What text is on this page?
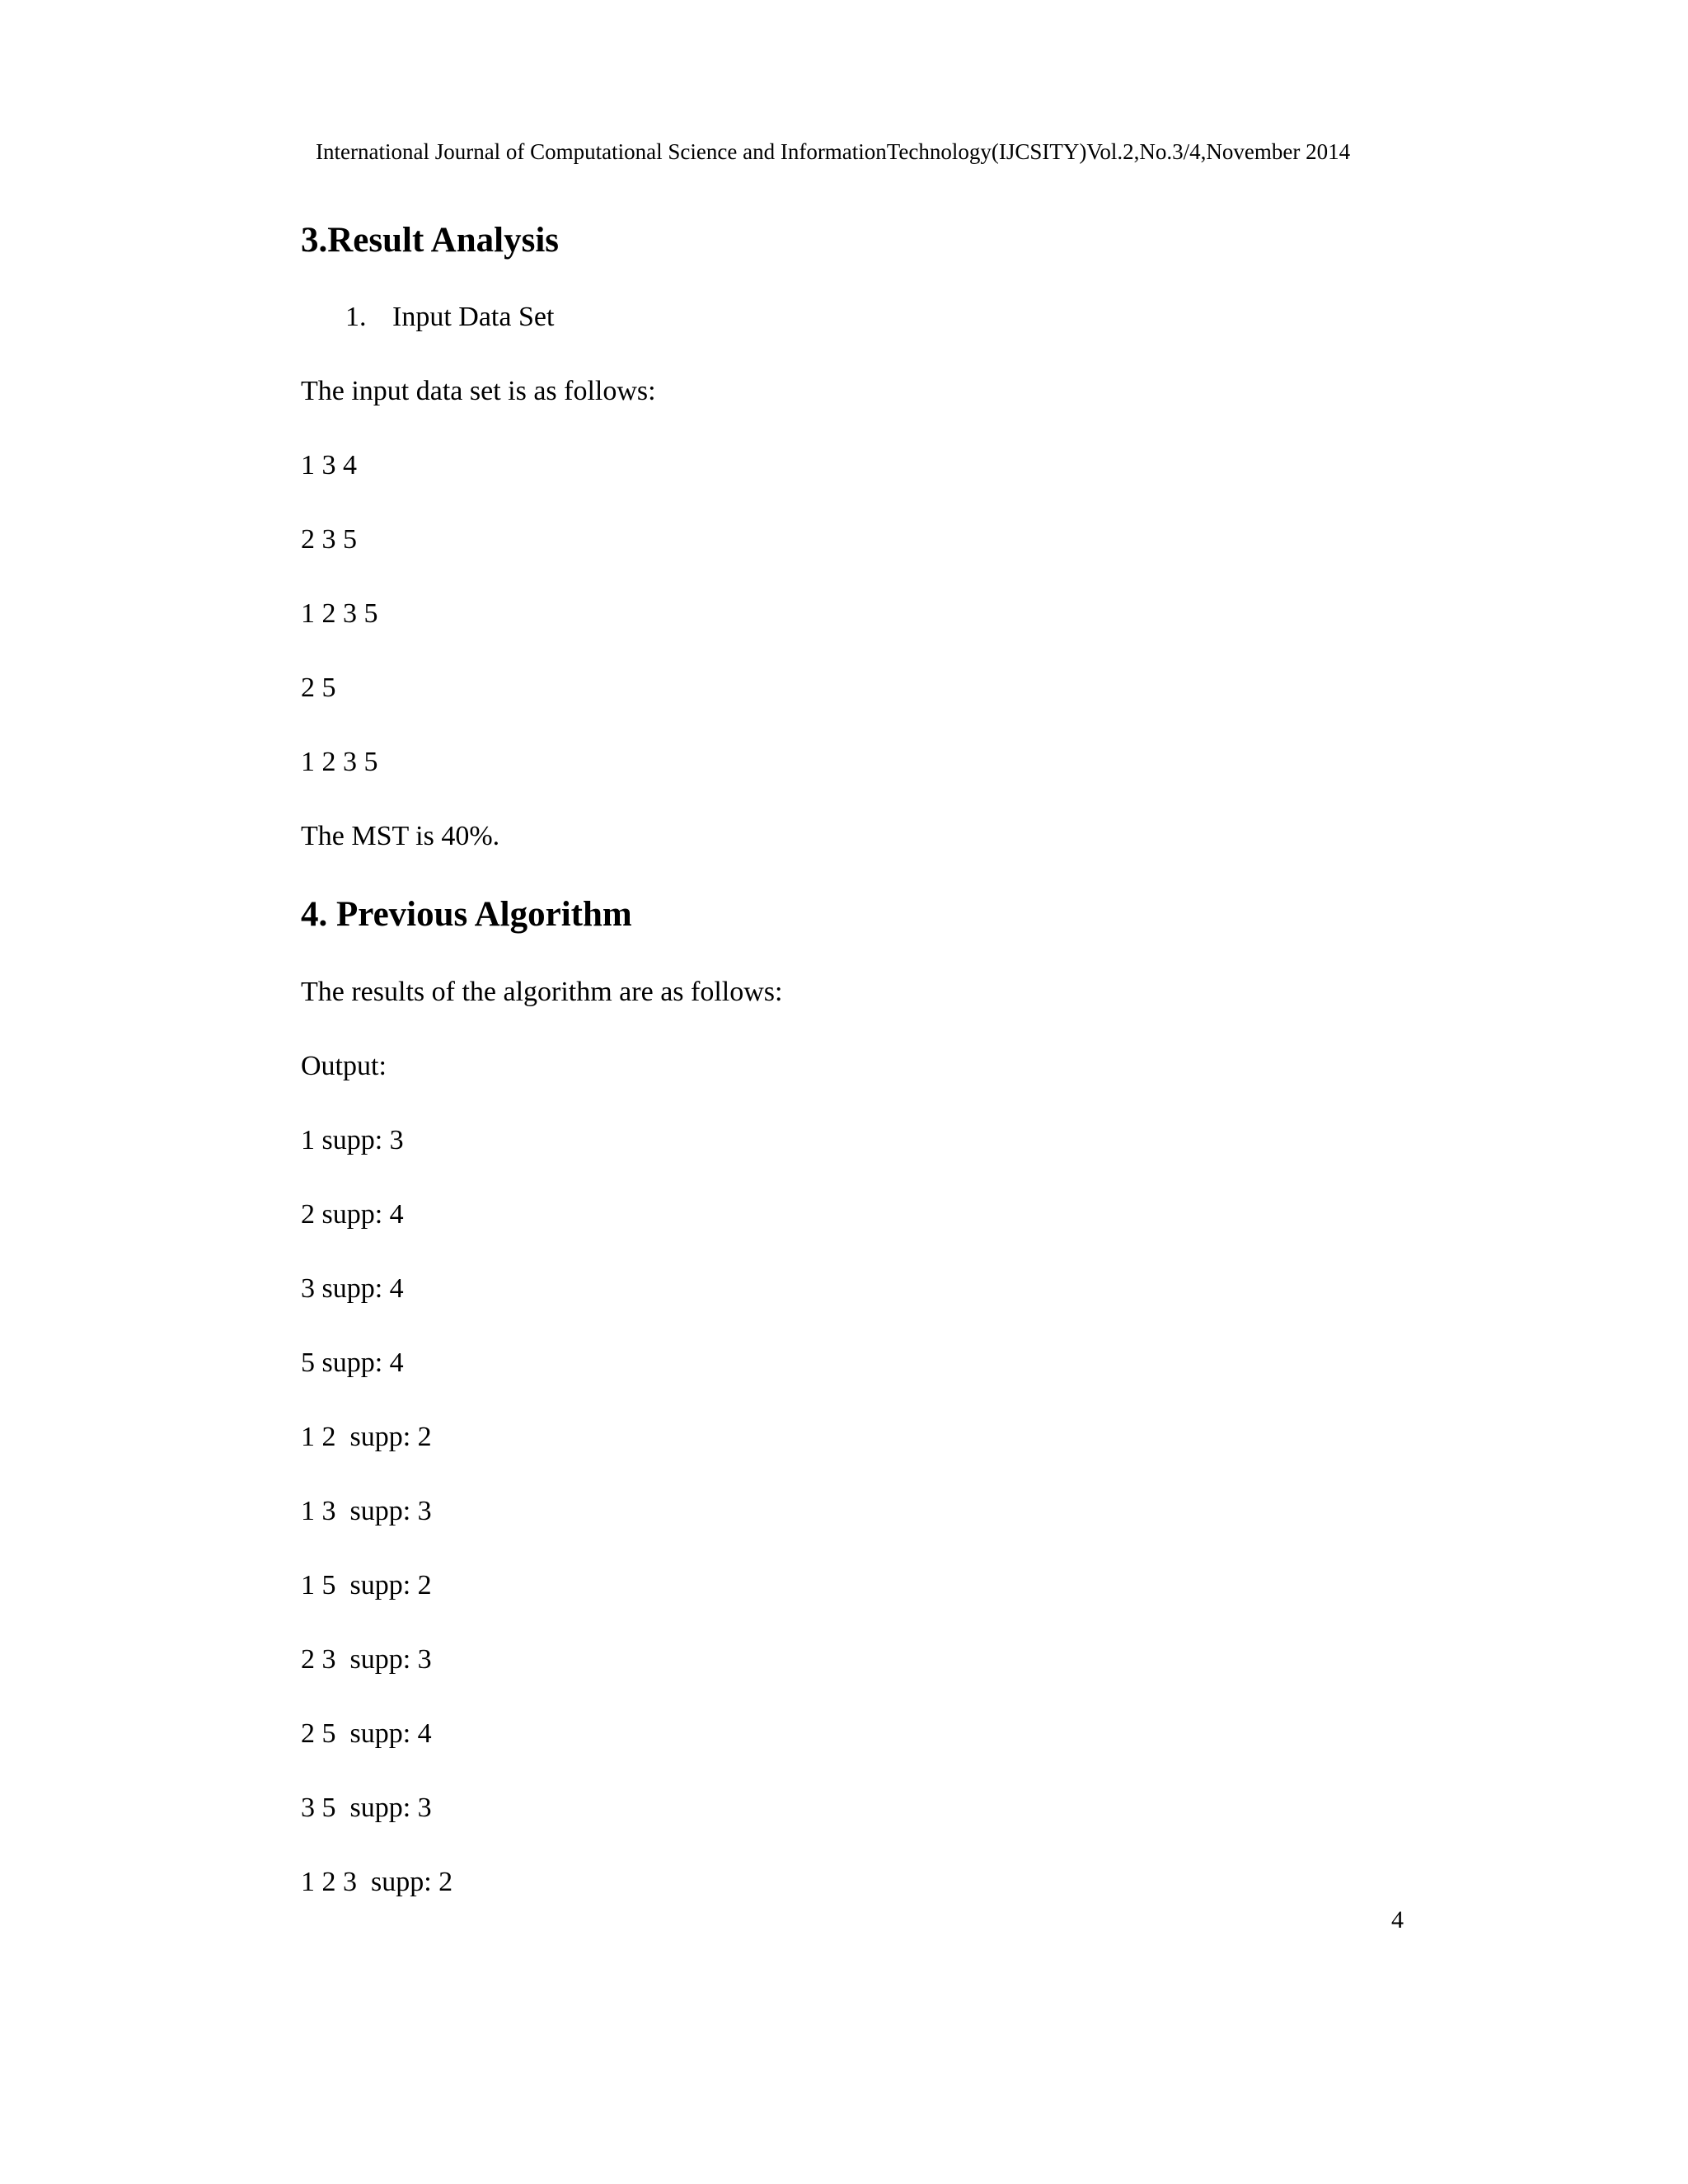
International Journal of Computational Science and InformationTechnology(IJCSITY)Vol.2,No.3/4,November 2014
3.Result Analysis
1. Input Data Set

The input data set is as follows:

1 3 4

2 3 5

1 2 3 5

2 5

1 2 3 5

The MST is 40%.

4. Previous Algorithm

The results of the algorithm are as follows:

Output:

1 supp: 3

2 supp: 4

3 supp: 4

5 supp: 4

1 2  supp: 2

1 3  supp: 3

1 5  supp: 2

2 3  supp: 3

2 5  supp: 4

3 5  supp: 3

1 2 3  supp: 2

4
